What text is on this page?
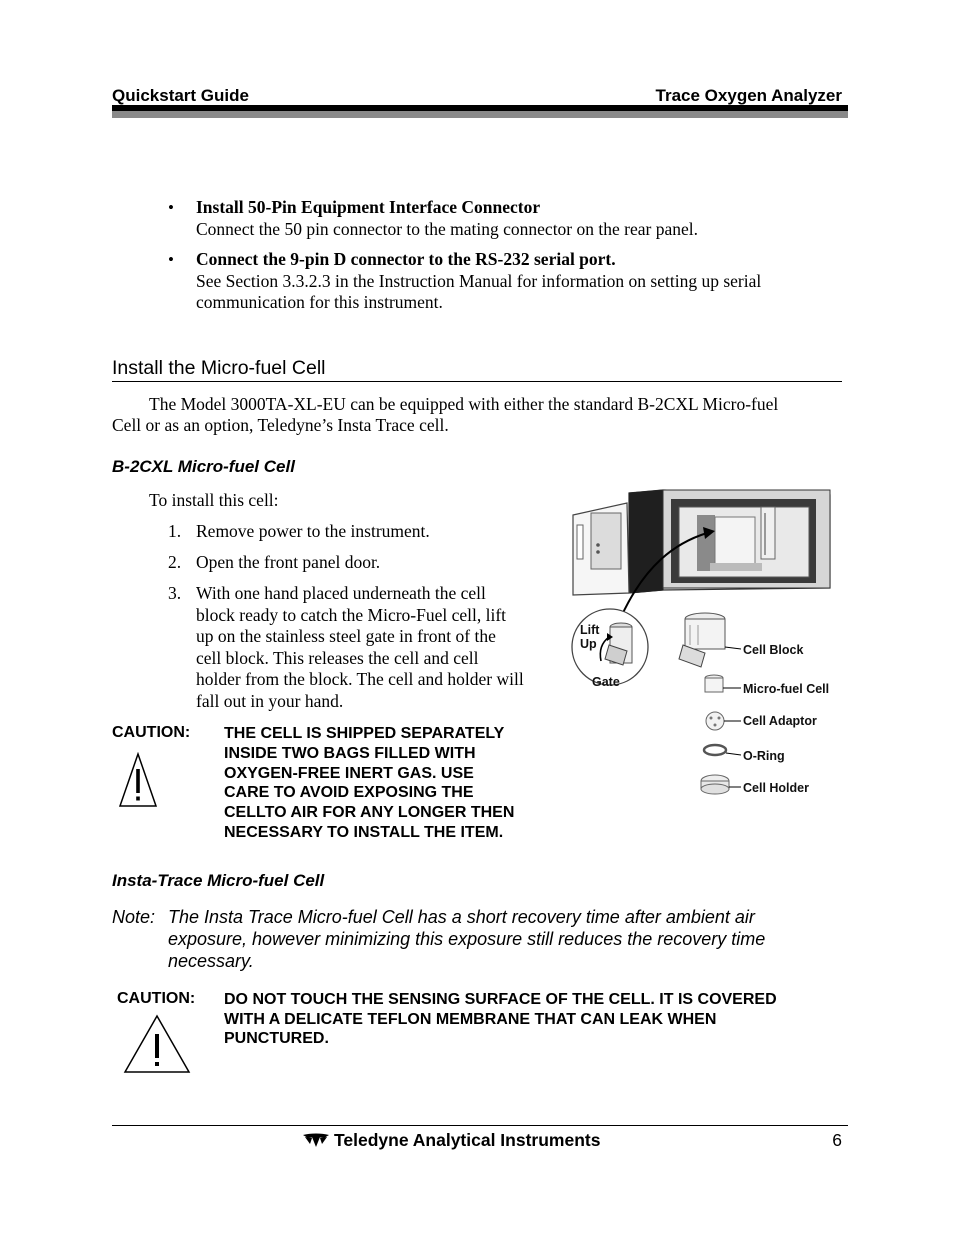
Quickstart Guide	Trace Oxygen Analyzer
• Install 50-Pin Equipment Interface Connector
Connect the 50 pin connector to the mating connector on the rear panel.
• Connect the 9-pin D connector to the RS-232 serial port.
See Section 3.3.2.3 in the Instruction Manual for information on setting up serial
communication for this instrument.
Install the Micro-fuel Cell
The Model 3000TA-XL-EU can be equipped with either the standard B-2CXL Micro-fuel
Cell or as an option, Teledyne’s Insta Trace cell.
B-2CXL Micro-fuel Cell
To install this cell:
1. Remove power to the instrument.
2. Open the front panel door.
3. With one hand placed underneath the cell
block ready to catch the Micro-Fuel cell, lift
up on the stainless steel gate in front of the
cell block. This releases the cell and cell
holder from the block. The cell and holder will
fall out in your hand.
CAUTION: THE CELL IS SHIPPED SEPARATELY
INSIDE TWO BAGS FILLED WITH
OXYGEN-FREE INERT GAS. USE
CARE TO AVOID EXPOSING THE
CELLTO AIR FOR ANY LONGER THEN
NECESSARY TO INSTALL THE ITEM.
Lift
Up
Gate
Cell Block
Micro-fuel Cell
Cell Adaptor
O-Ring
Cell Holder
Insta-Trace Micro-fuel Cell
Note: The Insta Trace Micro-fuel Cell has a short recovery time after ambient air
exposure, however minimizing this exposure still reduces the recovery time
necessary.
CAUTION: DO NOT TOUCH THE SENSING SURFACE OF THE CELL. IT IS COVERED
WITH A DELICATE TEFLON MEMBRANE THAT CAN LEAK WHEN
PUNCTURED.
Teledyne Analytical Instruments	6
